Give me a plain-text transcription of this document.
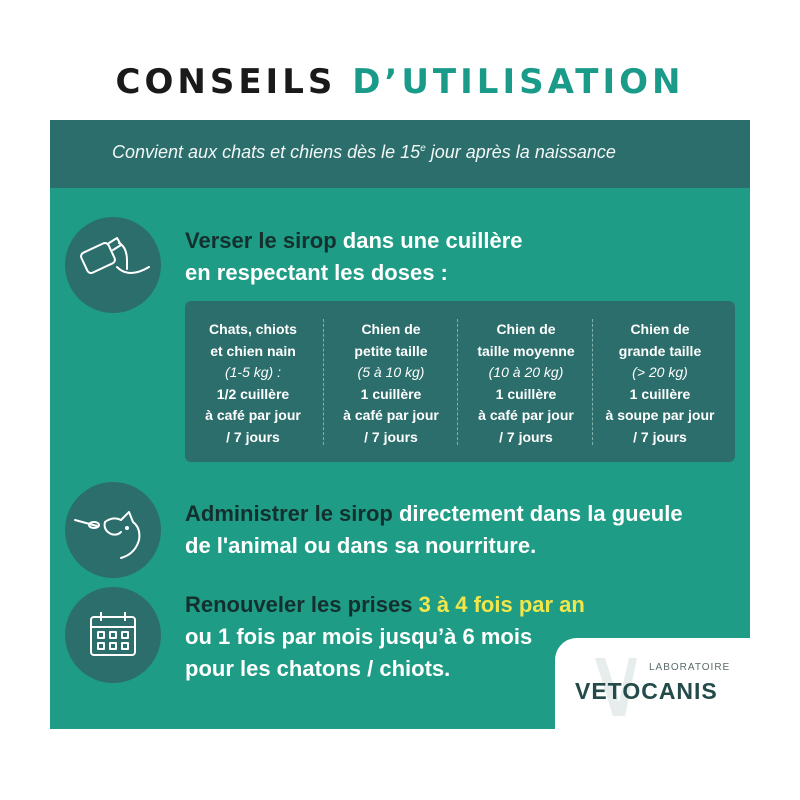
CONSEILS D’UTILISATION
Convient aux chats et chiens dès le 15e jour après la naissance
Verser le sirop dans une cuillère
en respectant les doses :
Chats, chiots
et chien nain
(1-5 kg) :
1/2 cuillère
à café par jour
/ 7 jours
Chien de
petite taille
(5 à 10 kg)
1 cuillère
à café par jour
/ 7 jours
Chien de
taille moyenne
(10 à 20 kg)
1 cuillère
à café par jour
/ 7 jours
Chien de
grande taille
(> 20 kg)
1 cuillère
à soupe par jour
/ 7 jours
Administrer le sirop directement dans la gueule
de l'animal ou dans sa nourriture.
Renouveler les prises 3 à 4 fois par an
ou 1 fois par mois jusqu’à 6 mois
pour les chatons / chiots.	LABORATOIRE
VETOCANIS
